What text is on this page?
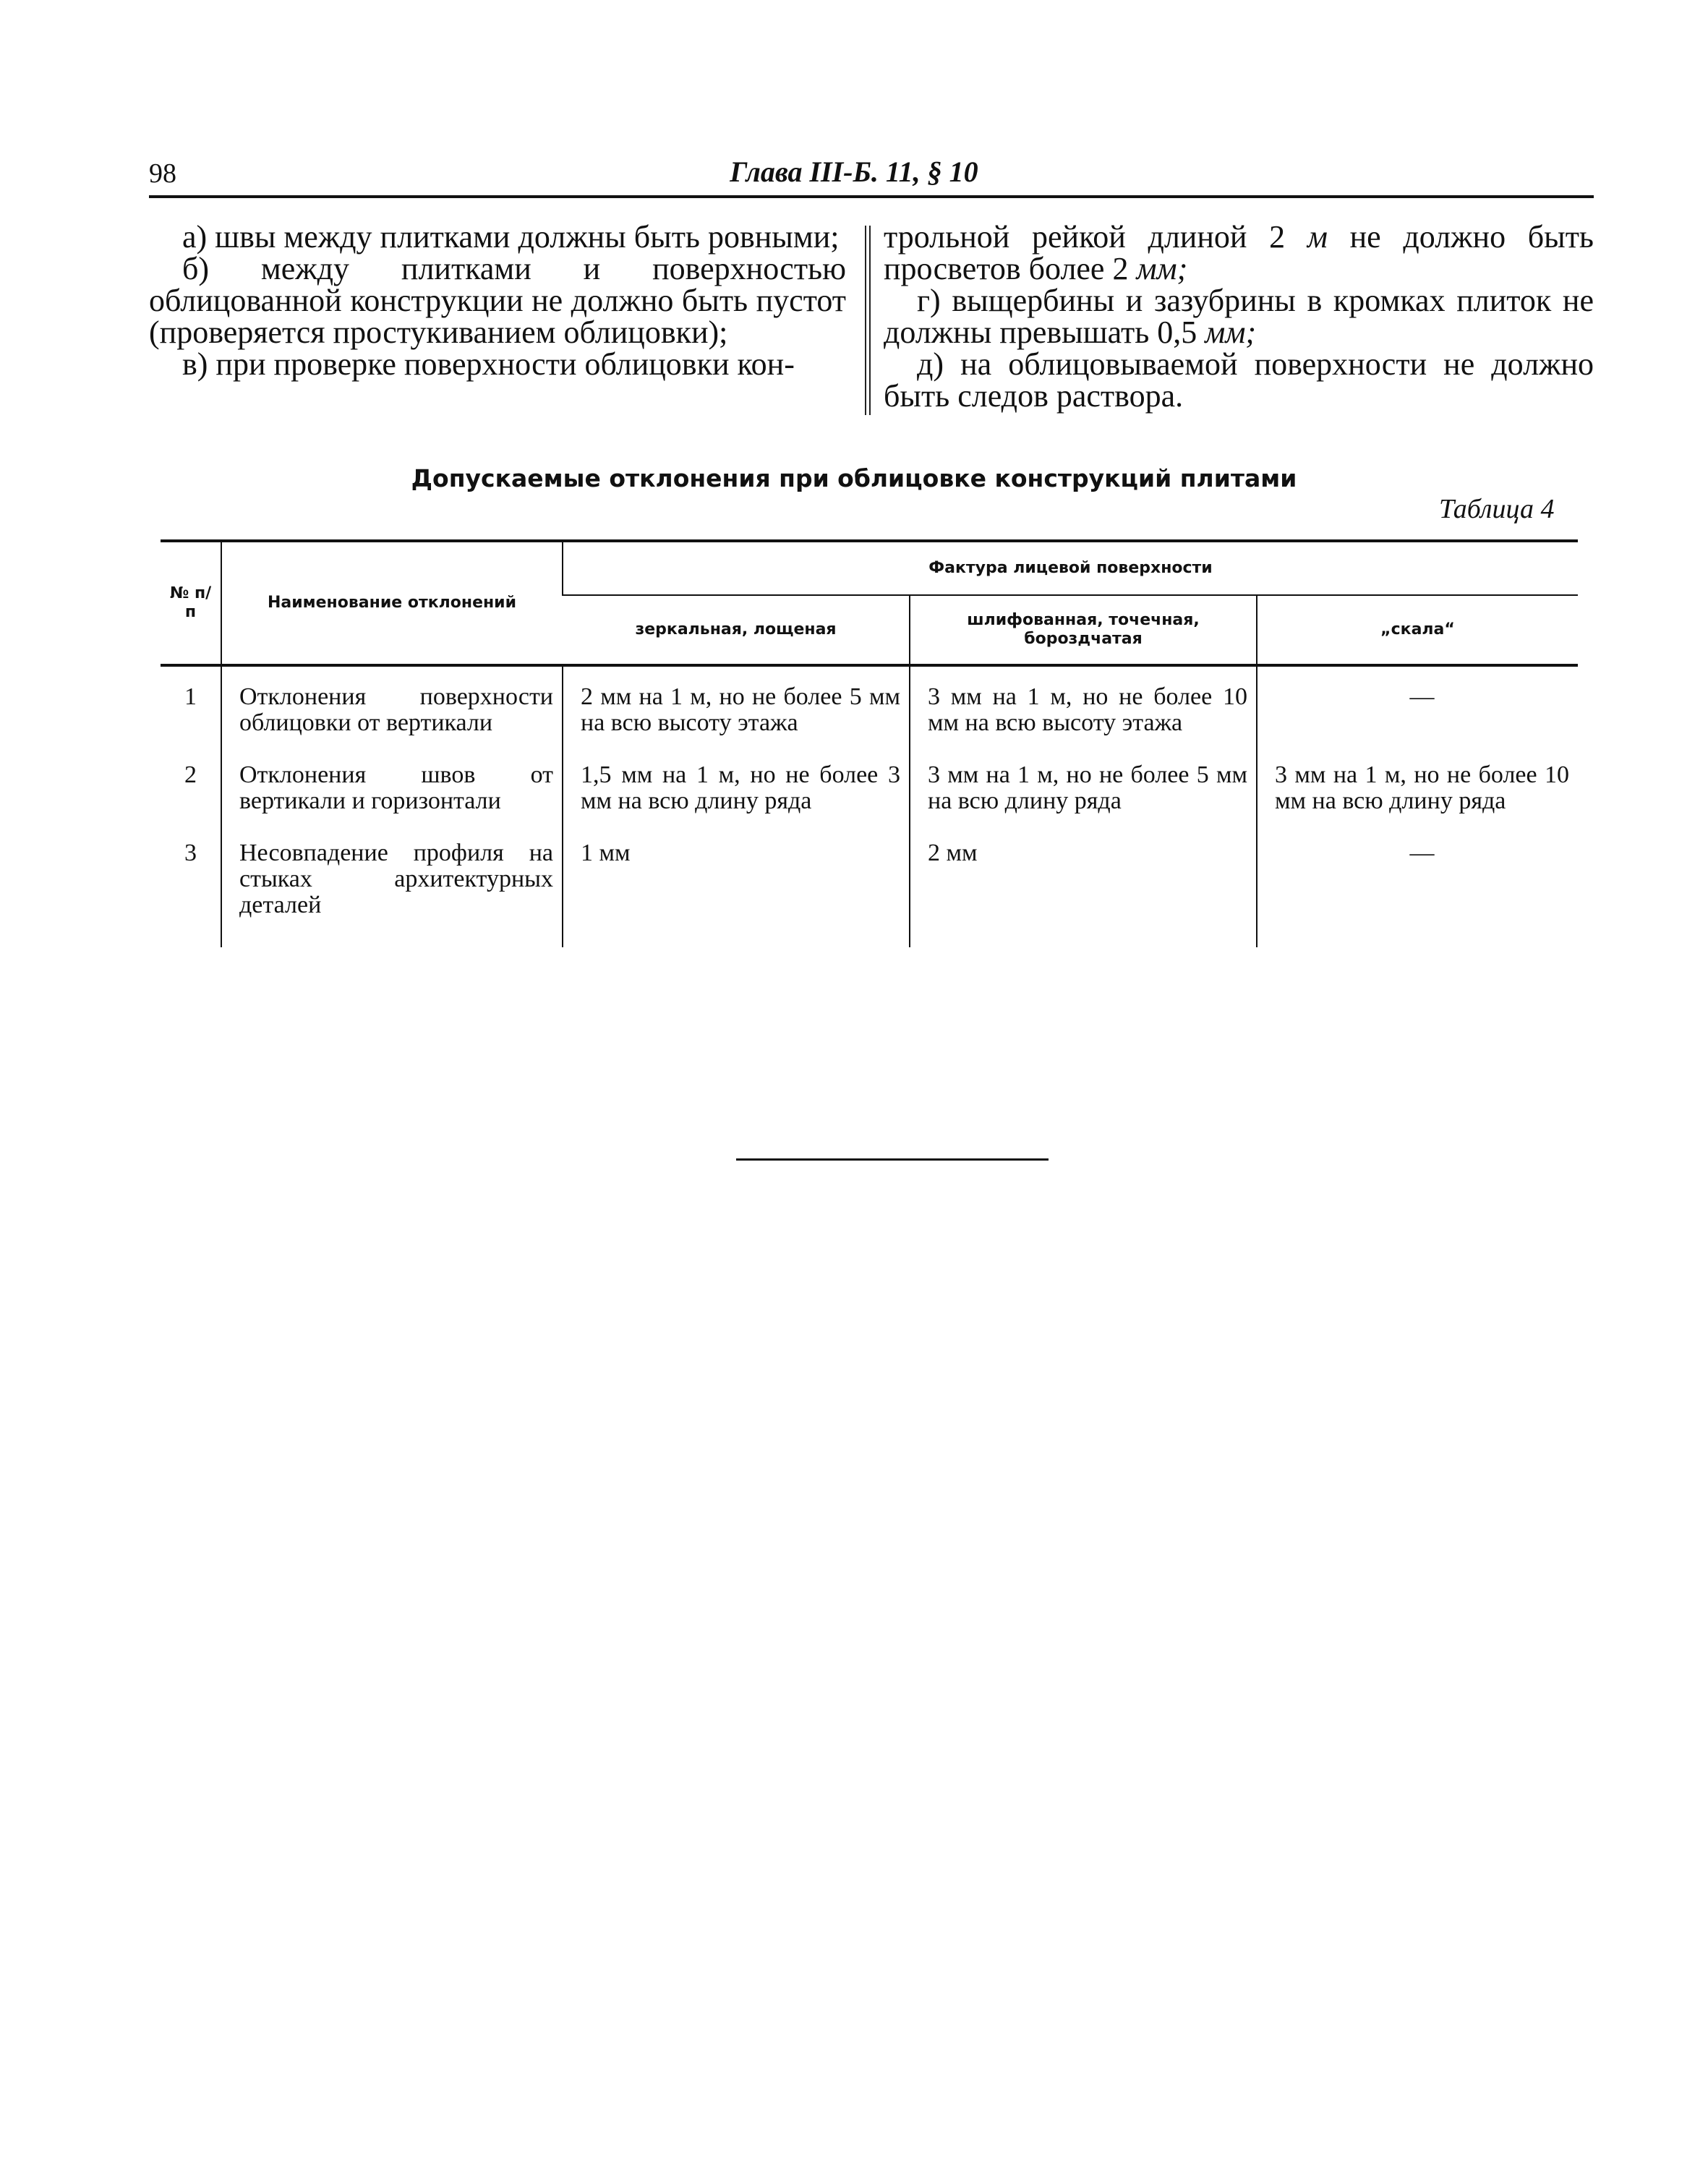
98	Глава III-Б. 11, § 10

а) швы между плитками должны быть ровными;

б) между плитками и поверхностью облицованной конструкции не должно быть пустот (проверяется простукиванием облицовки);

в) при проверке поверхности облицовки кон-

трольной рейкой длиной 2 м не должно быть просветов более 2 мм;

г) выщербины и зазубрины в кромках плиток не должны превышать 0,5 мм;

д) на облицовываемой поверхности не должно быть следов раствора.

Допускаемые отклонения при облицовке конструкций плитами
Таблица 4
№ п/п	Наименование отклонений	Фактура лицевой поверхности		
		зеркальная, лощеная	шлифованная, точечная, бороздчатая	„скала“
1	Отклонения поверхности облицовки от вертикали	2 мм на 1 м, но не более 5 мм на всю высоту этажа	3 мм на 1 м, но не более 10 мм на всю высоту этажа	—
2	Отклонения швов от вертикали и горизонтали	1,5 мм на 1 м, но не более 3 мм на всю длину ряда	3 мм на 1 м, но не более 5 мм на всю длину ряда	3 мм на 1 м, но не более 10 мм на всю длину ряда
3	Несовпадение профиля на стыках архитектурных деталей	1 мм	2 мм	—
